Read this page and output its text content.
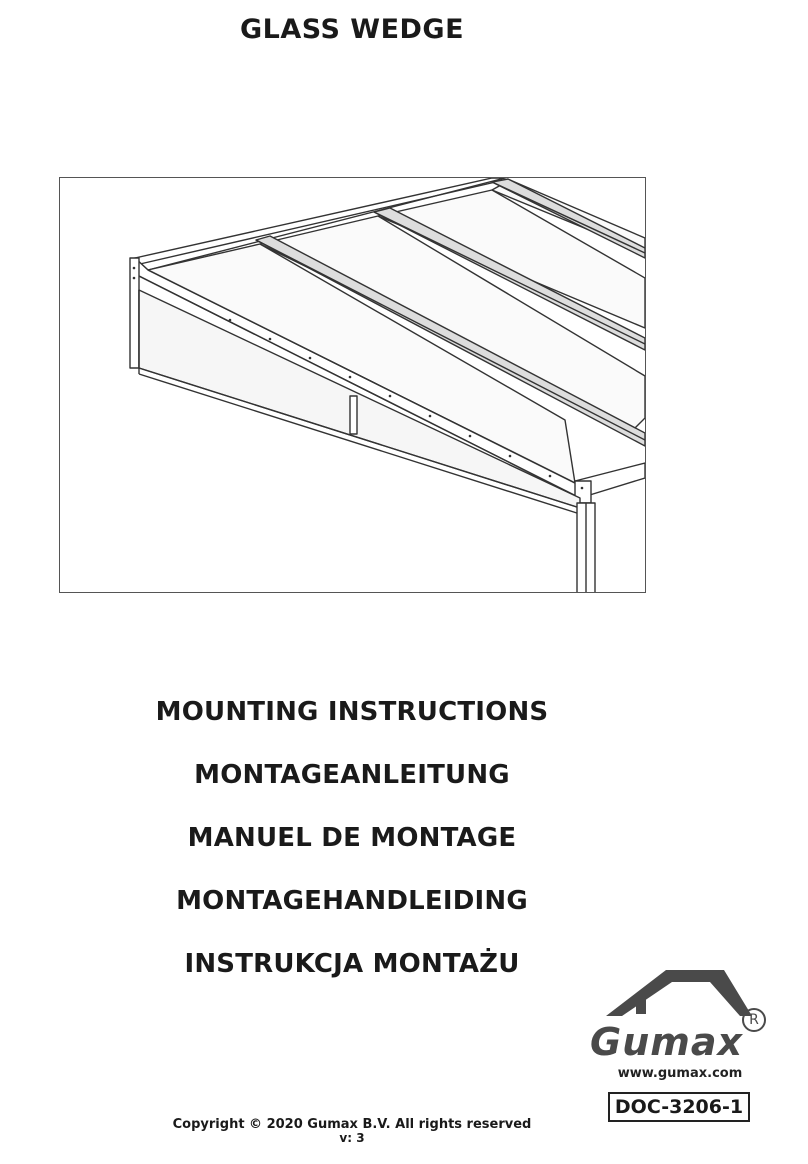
GLASS WEDGE
MOUNTING INSTRUCTIONS
MONTAGEANLEITUNG
MANUEL DE MONTAGE
MONTAGEHANDLEIDING
INSTRUKCJA MONTAŻU
Gumax R
www.gumax.com
DOC-3206-1
Copyright © 2020 Gumax B.V. All rights reserved
v: 3
